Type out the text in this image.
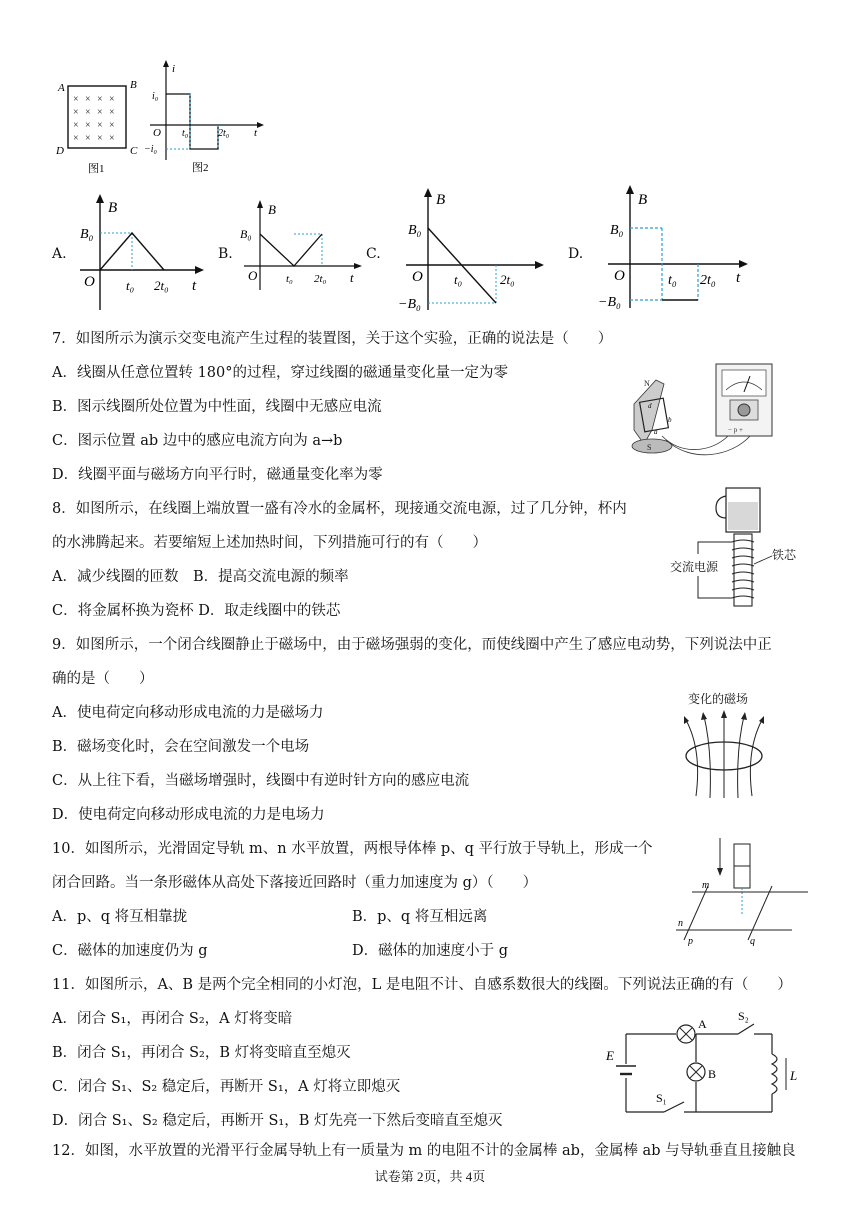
A	B
C
D
× × × ×
× × × ×
× × × ×
× × × ×
图1
i
t
O
i₀
−i₀
t₀	2t₀
图2
A.
B
B₀
O t₀ 2t₀ t
B.
B
B₀
O	t₀ 2t₀ t
C.
B
B₀
−B₀
O t₀	2t₀
D.
B
B₀
−B₀
O	t₀ 2t₀ t
7．如图所示为演示交变电流产生过程的装置图，关于这个实验，正确的说法是（　　）
A．线圈从任意位置转 180°的过程，穿过线圈的磁通量变化量一定为零
B．图示线圈所处位置为中性面，线圈中无感应电流
C．图示位置 ab 边中的感应电流方向为 a→b
D．线圈平面与磁场方向平行时，磁通量变化率为零
− p +
N
S
d
b
a
8．如图所示，在线圈上端放置一盛有冷水的金属杯，现接通交流电源，过了几分钟，杯内
的水沸腾起来。若要缩短上述加热时间，下列措施可行的有（　　）
A．减少线圈的匝数　B．提高交流电源的频率
C．将金属杯换为瓷杯 D．取走线圈中的铁芯
交流电源
铁芯
9．如图所示，一个闭合线圈静止于磁场中，由于磁场强弱的变化，而使线圈中产生了感应电动势，下列说法中正
确的是（　　）
A．使电荷定向移动形成电流的力是磁场力
B．磁场变化时，会在空间激发一个电场
C．从上往下看，当磁场增强时，线圈中有逆时针方向的感应电流
D．使电荷定向移动形成电流的力是电场力
变化的磁场
10．如图所示，光滑固定导轨 m、n 水平放置，两根导体棒 p、q 平行放于导轨上，形成一个
闭合回路。当一条形磁体从高处下落接近回路时（重力加速度为 g）（　　）
A．p、q 将互相靠拢	B．p、q 将互相远离
C．磁体的加速度仍为 g	D．磁体的加速度小于 g
m
n
p	q
11．如图所示，A、B 是两个完全相同的小灯泡，L 是电阻不计、自感系数很大的线圈。下列说法正确的有（　　）
A．闭合 S₁，再闭合 S₂，A 灯将变暗
B．闭合 S₁，再闭合 S₂，B 灯将变暗直至熄灭
C．闭合 S₁、S₂ 稳定后，再断开 S₁，A 灯将立即熄灭
D．闭合 S₁、S₂ 稳定后，再断开 S₁，B 灯先亮一下然后变暗直至熄灭
A
B
E
L
S₁
S₂
12．如图，水平放置的光滑平行金属导轨上有一质量为 m 的电阻不计的金属棒 ab，金属棒 ab 与导轨垂直且接触良
试卷第 2页，共 4页
